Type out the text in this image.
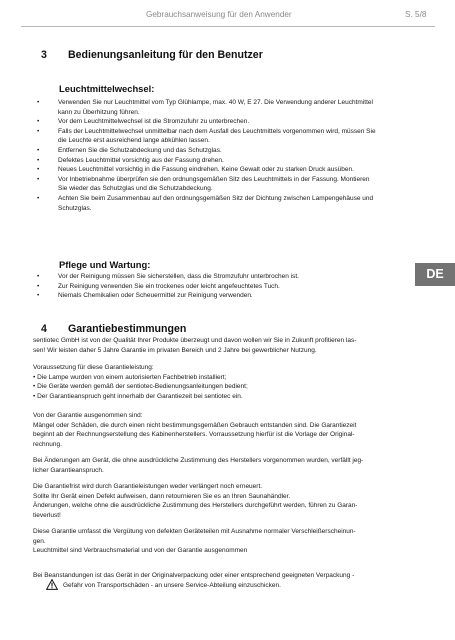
Gebrauchsanweisung für den Anwender	S. 5/8
3 Bedienungsanleitung für den Benutzer
Leuchtmittelwechsel:
•	Verwenden Sie nur Leuchtmittel vom Typ Glühlampe, max. 40 W, E 27. Die Verwendung anderer Leuchtmittel
kann zu Überhitzung führen.
•	Vor dem Leuchtmittelwechsel ist die Stromzufuhr zu unterbrechen.
•	Falls der Leuchtmittelwechsel unmittelbar nach dem Ausfall des Leuchtmittels vorgenommen wird, müssen Sie
die Leuchte erst ausreichend lange abkühlen lassen.
•	Entfernen Sie die Schutzabdeckung und das Schutzglas.
•	Defektes Leuchtmittel vorsichtig aus der Fassung drehen.
•	Neues Leuchtmittel vorsichtig in die Fassung eindrehen. Keine Gewalt oder zu starken Druck ausüben.
•	Vor Inbetriebnahme überprüfen sie den ordnungsgemäßen Sitz des Leuchtmittels in der Fassung. Montieren
Sie wieder das Schutzglas und die Schutzabdeckung.
•	Achten Sie beim Zusammenbau auf den ordnungsgemäßen Sitz der Dichtung zwischen Lampengehäuse und
Schutzglas.
Pflege und Wartung:
•	Vor der Reinigung müssen Sie sicherstellen, dass die Stromzufuhr unterbrochen ist.
•	Zur Reinigung verwenden Sie ein trockenes oder leicht angefeuchtetes Tuch.
•	Niemals Chemikalien oder Scheuermittel zur Reinigung verwenden.
DE
4 Garantiebestimmungen
sentiotec GmbH ist von der Qualität Ihrer Produkte überzeugt und davon wollen wir Sie in Zukunft profitieren las-
sen! Wir leisten daher 5 Jahre Garantie im privaten Bereich und 2 Jahre bei gewerblicher Nutzung.
Voraussetzung für diese Garantieleistung:
• Die Lampe wurden von einem autorisierten Fachbetrieb installiert;
• Die Geräte werden gemäß der sentiotec-Bedienungsanleitungen bedient;
• Der Garantieanspruch geht innerhalb der Garantiezeit bei sentiotec ein.
Von der Garantie ausgenommen sind:
Mängel oder Schäden, die durch einen nicht bestimmungsgemäßen Gebrauch entstanden sind. Die Garantiezeit
beginnt ab der Rechnungserstellung des Kabinenherstellers. Vorraussetzung hierfür ist die Vorlage der Original-
rechnung.
Bei Änderungen am Gerät, die ohne ausdrückliche Zustimmung des Herstellers vorgenommen wurden, verfällt jeg-
licher Garantieanspruch.
Die Garantiefrist wird durch Garantieleistungen weder verlängert noch erneuert.
Sollte Ihr Gerät einen Defekt aufweisen, dann retournieren Sie es an Ihren Saunahändler.
Änderungen, welche ohne die ausdrückliche Zustimmung des Herstellers durchgeführt werden, führen zu Garan-
tieverlust!
Diese Garantie umfasst die Vergütung von defekten Geräteteilen mit Ausnahme normaler Verschleißerscheinun-
gen.
Leuchtmittel sind Verbrauchsmaterial und von der Garantie ausgenommen
Bei Beanstandungen ist das Gerät in der Originalverpackung oder einer entsprechend geeigneten Verpackung -
Gefahr von Transportschäden - an unsere Service-Abteilung einzuschicken.
